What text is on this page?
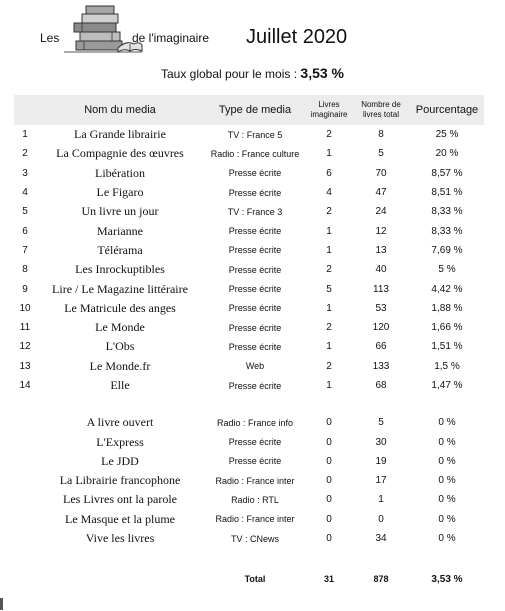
Les	de l'imaginaire Juillet 2020
Taux global pour le mois : 3,53 %
	Nom du media	Type de media	Livres imaginaire	Nombre de livres total	Pourcentage
1	La Grande librairie	TV : France 5	2	8	25 %
2	La Compagnie des œuvres	Radio : France culture	1	5	20 %
3	Libération	Presse écrite	6	70	8,57 %
4	Le Figaro	Presse écrite	4	47	8,51 %
5	Un livre un jour	TV : France 3	2	24	8,33 %
6	Marianne	Presse écrite	1	12	8,33 %
7	Télérama	Presse écrite	1	13	7,69 %
8	Les Inrockuptibles	Presse écrite	2	40	5 %
9	Lire / Le Magazine littéraire	Presse écrite	5	113	4,42 %
10	Le Matricule des anges	Presse écrite	1	53	1,88 %
11	Le Monde	Presse écrite	2	120	1,66 %
12	L'Obs	Presse écrite	1	66	1,51 %
13	Le Monde.fr	Web	2	133	1,5 %
14	Elle	Presse écrite	1	68	1,47 %

	A livre ouvert	Radio : France info	0	5	0 %
	L'Express	Presse écrite	0	30	0 %
	Le JDD	Presse écrite	0	19	0 %
	La Librairie francophone	Radio : France inter	0	17	0 %
	Les Livres ont la parole	Radio : RTL	0	1	0 %
	Le Masque et la plume	Radio : France inter	0	0	0 %
	Vive les livres	TV : CNews	0	34	0 %

		Total	31	878	3,53 %
